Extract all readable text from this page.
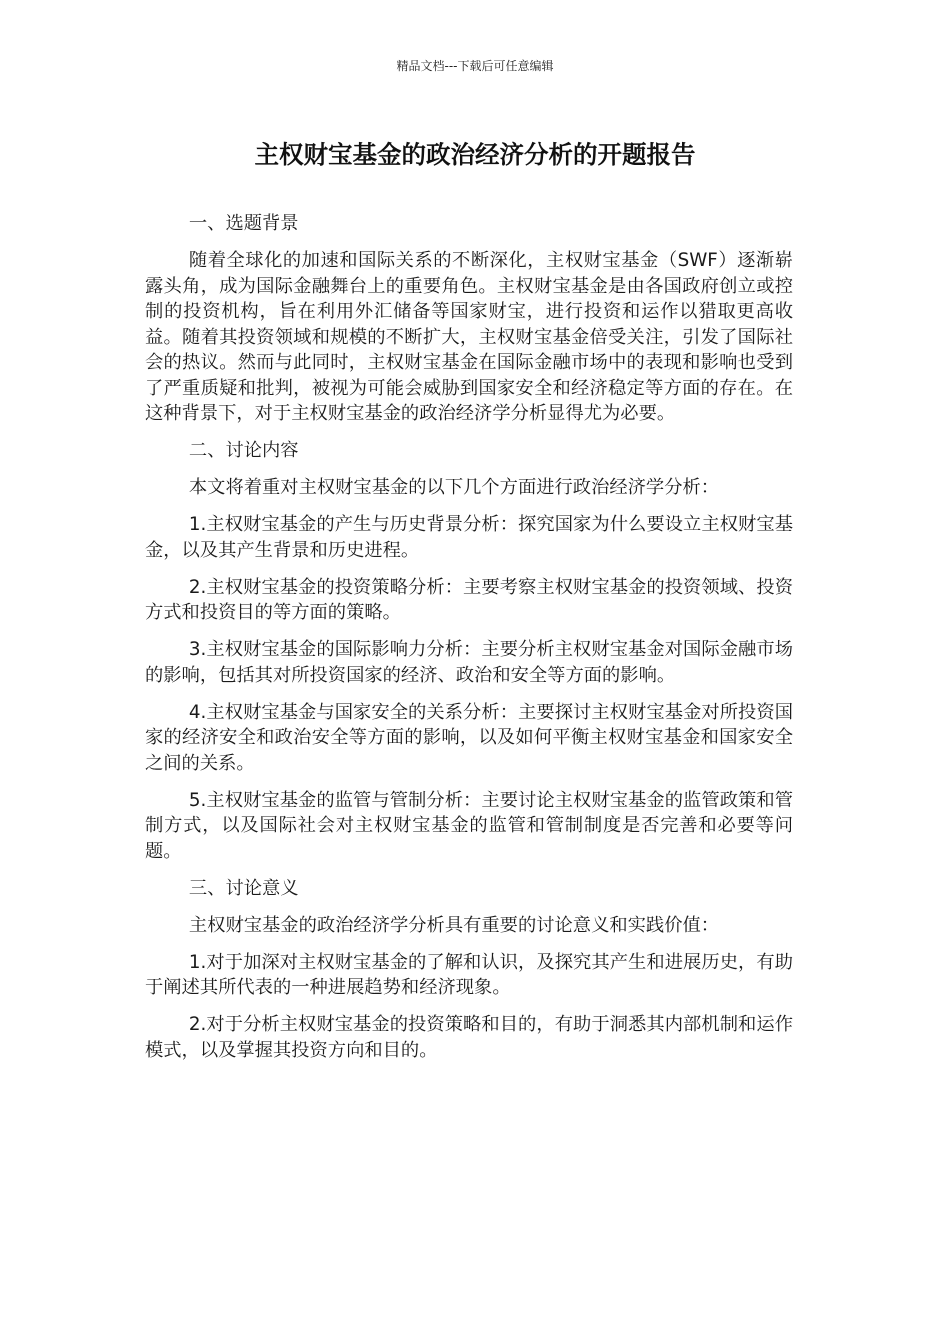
精品文档---下载后可任意编辑
主权财宝基金的政治经济分析的开题报告

一、选题背景

随着全球化的加速和国际关系的不断深化，主权财宝基金（SWF）逐渐崭露头角，成为国际金融舞台上的重要角色。主权财宝基金是由各国政府创立或控制的投资机构，旨在利用外汇储备等国家财宝，进行投资和运作以猎取更高收益。随着其投资领域和规模的不断扩大，主权财宝基金倍受关注，引发了国际社会的热议。然而与此同时，主权财宝基金在国际金融市场中的表现和影响也受到了严重质疑和批判，被视为可能会威胁到国家安全和经济稳定等方面的存在。在这种背景下，对于主权财宝基金的政治经济学分析显得尤为必要。

二、讨论内容

本文将着重对主权财宝基金的以下几个方面进行政治经济学分析：

1.主权财宝基金的产生与历史背景分析：探究国家为什么要设立主权财宝基金，以及其产生背景和历史进程。

2.主权财宝基金的投资策略分析：主要考察主权财宝基金的投资领域、投资方式和投资目的等方面的策略。

3.主权财宝基金的国际影响力分析：主要分析主权财宝基金对国际金融市场的影响，包括其对所投资国家的经济、政治和安全等方面的影响。

4.主权财宝基金与国家安全的关系分析：主要探讨主权财宝基金对所投资国家的经济安全和政治安全等方面的影响，以及如何平衡主权财宝基金和国家安全之间的关系。

5.主权财宝基金的监管与管制分析：主要讨论主权财宝基金的监管政策和管制方式，以及国际社会对主权财宝基金的监管和管制制度是否完善和必要等问题。

三、讨论意义

主权财宝基金的政治经济学分析具有重要的讨论意义和实践价值：

1.对于加深对主权财宝基金的了解和认识，及探究其产生和进展历史，有助于阐述其所代表的一种进展趋势和经济现象。

2.对于分析主权财宝基金的投资策略和目的，有助于洞悉其内部机制和运作模式，以及掌握其投资方向和目的。
